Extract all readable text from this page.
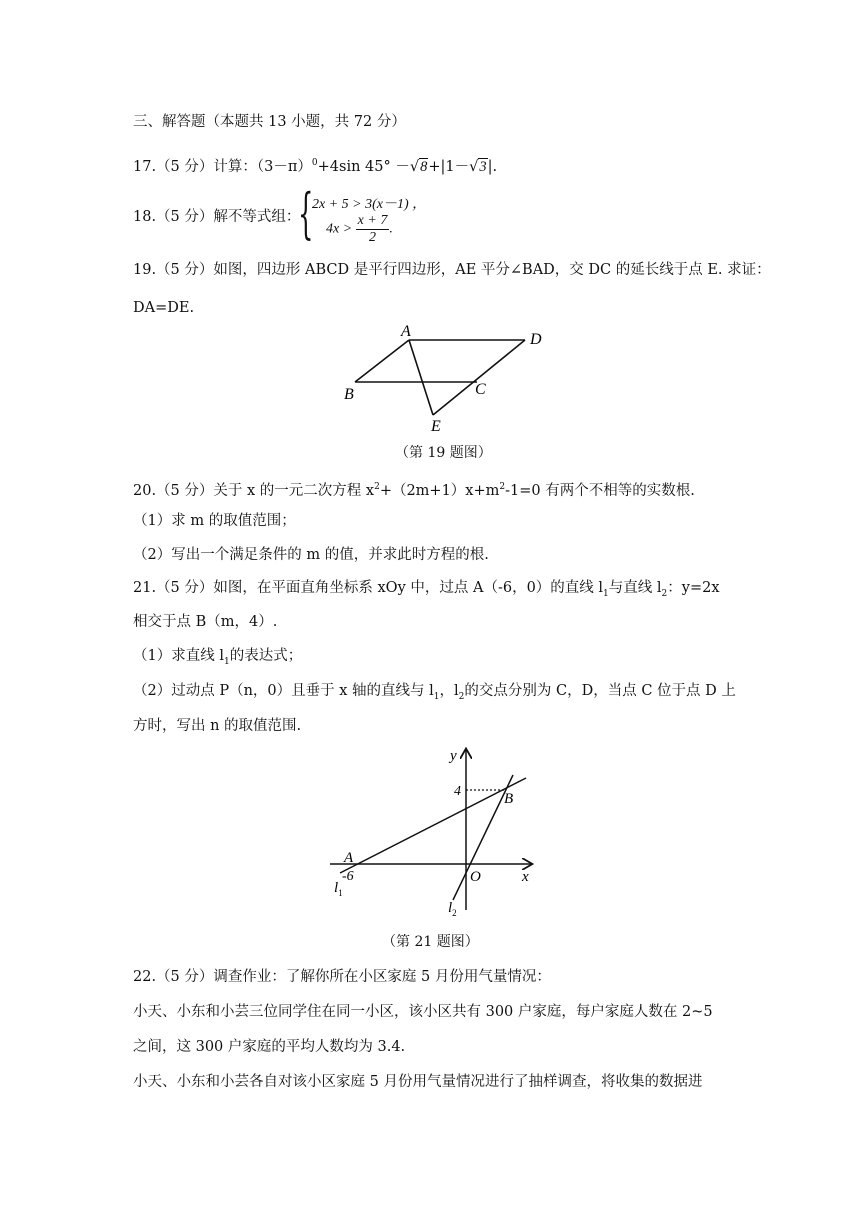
三、解答题（本题共 13 小题，共 72 分）
17.（5 分）计算：$(3-\pi)^0+4\sin$ 45° －√8+|1－√3|.
18.（5 分）解不等式组：
{
2x + 5 > 3(x－1) ，
$4x > \frac{x + 7}{2}$ .
19.（5 分）如图，四边形 ABCD 是平行四边形，AE 平分∠BAD，交 DC 的延长线于点 E. 求证：
DA=DE.
A	D
B	C
E
（第 19 题图）
20.（5 分）关于 x 的一元二次方程 $x^2+(2m+1)x+m^2-1=0$ 有两个不相等的实数根.
（1）求 m 的取值范围；
（2）写出一个满足条件的 m 的值，并求此时方程的根.
21.（5 分）如图，在平面直角坐标系 xOy 中，过点 A（-6，0）的直线 $l_1$与直线 $l_2$：y=2x
相交于点 B（m，4）.
（1）求直线 $l_1$的表达式；
（2）过动点 P（n，0）且垂于 x 轴的直线与 $l_1$，$l_2$的交点分别为 C，D，当点 C 位于点 D 上
方时，写出 n 的取值范围.
y
x
O
4	B
A
-6
$l_1$
$l_2$
（第 21 题图）
22.（5 分）调查作业：了解你所在小区家庭 5 月份用气量情况：
小天、小东和小芸三位同学住在同一小区，该小区共有 300 户家庭，每户家庭人数在 2~5
之间，这 300 户家庭的平均人数均为 3.4.
小天、小东和小芸各自对该小区家庭 5 月份用气量情况进行了抽样调查，将收集的数据进
